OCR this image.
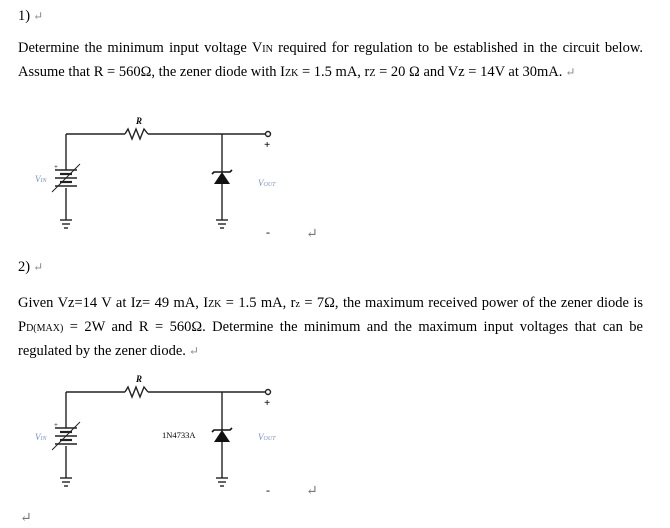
1) ↵
Determine the minimum input voltage VIN required for regulation to be established in the circuit below. Assume that R = 560Ω, the zener diode with IZK = 1.5 mA, rZ = 20 Ω and Vz = 14V at 30mA. ↵
R
VIN	VOUT
+
-
+
↵
2) ↵
Given Vz=14 V at Iz= 49 mA, IZK = 1.5 mA, rz = 7Ω, the maximum received power of the zener diode is PD(MAX) = 2W and R = 560Ω. Determine the minimum and the maximum input voltages that can be regulated by the zener diode. ↵
R
VIN	VOUT
1N4733A
+
-
+
↵
↵
